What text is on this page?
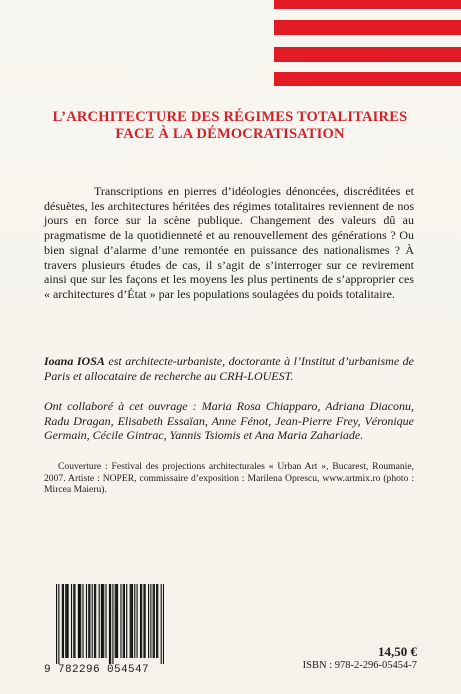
L’ARCHITECTURE DES RÉGIMES TOTALITAIRES
FACE À LA DÉMOCRATISATION
Transcriptions en pierres d’idéologies dénoncées, discréditées et désuètes, les architectures héritées des régimes totalitaires reviennent de nos jours en force sur la scène publique. Changement des valeurs dû au pragmatisme de la quotidienneté et au renouvellement des générations ? Ou bien signal d’alarme d’une remontée en puissance des nationalismes ? À travers plusieurs études de cas, il s’agit de s’interroger sur ce revirement ainsi que sur les façons et les moyens les plus pertinents de s’approprier ces « architectures d’État » par les populations soulagées du poids totalitaire.
Ioana IOSA est architecte-urbaniste, doctorante à l’Institut d’urbanisme de Paris et allocataire de recherche au CRH-LOUEST.
Ont collaboré à cet ouvrage : Maria Rosa Chiapparo, Adriana Diaconu, Radu Dragan, Elisabeth Essaïan, Anne Fénot, Jean-Pierre Frey, Véronique Germain, Cécile Gintrac, Yannis Tsiomis et Ana Maria Zahariade.
Couverture : Festival des projections architecturales « Urban Art », Bucarest, Roumanie, 2007. Artiste : NOPER, commissaire d’exposition : Marilena Oprescu, www.artmix.ro (photo : Mircea Maieru).
9 782296 054547
14,50 €
ISBN : 978-2-296-05454-7
